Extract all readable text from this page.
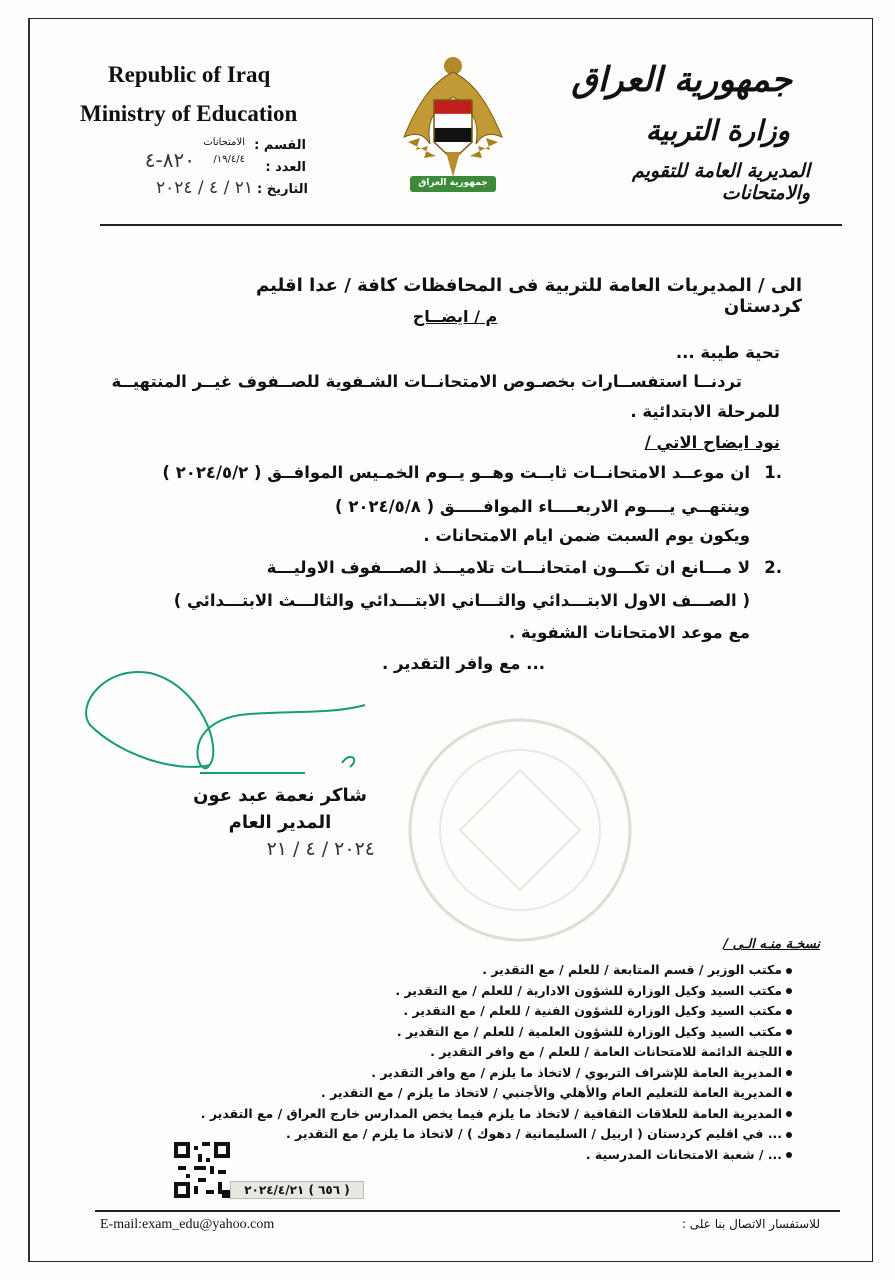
Republic of Iraq
Ministry of Education
القسم :
الامتحانات
العدد :
١٩/٤/٤/
٨٢٠-٤
التاريخ :
٢١ / ٤ / ٢٠٢٤	جمهورية العراق
جمهورية العراق
وزارة التربية
المديرية العامة للتقويم والامتحانات
الى / المديريات العامة للتربية فى المحافظات كافة / عدا اقليم كردستان
م / ايضــاح
تحية طيبة ...
تردنــا استفســارات بخصـوص الامتحانــات الشـفوية للصــفوف غيــر المنتهيــة
للمرحلة الابتدائية .
نود ايضاح الاتي /
.1
ان موعــد الامتحانــات ثابــت وهــو يــوم الخمـيس الموافــق ( ٢٠٢٤/٥/٢ )
وينتهــي يــــوم الاربعــــاء الموافـــــق ( ٢٠٢٤/٥/٨ )
ويكون يوم السبت ضمن ايام الامتحانات .
.2
لا مـــانع ان تكـــون امتحانـــات تلاميـــذ الصـــفوف الاوليـــة
( الصـــف الاول الابتـــدائي والثـــاني الابتـــدائي والثالـــث الابتـــدائي )
مع موعد الامتحانات الشفوية .
... مع وافر التقدير .
شاكر نعمة عبد عون
المدير العام
٢٠٢٤ / ٤ / ٢١
نسخـة منـه الـى /
مكتب الوزير / قسم المتابعة / للعلم / مع التقدير .
مكتب السيد وكيل الوزارة للشؤون الادارية / للعلم / مع التقدير .
مكتب السيد وكيل الوزارة للشؤون الفنية / للعلم / مع التقدير .
مكتب السيد وكيل الوزارة للشؤون العلمية / للعلم / مع التقدير .
اللجنة الدائمة للامتحانات العامة / للعلم / مع وافر التقدير .
المديرية العامة للإشراف التربوي / لاتخاذ ما يلزم / مع وافر التقدير .
المديرية العامة للتعليم العام والأهلي والأجنبي / لاتخاذ ما يلزم / مع التقدير .
المديرية العامة للعلاقات الثقافية / لاتخاذ ما يلزم فيما يخص المدارس خارج العراق / مع التقدير .
... في اقليم كردستان ( اربيل / السليمانية / دهوك ) / لاتخاذ ما يلزم / مع التقدير .
... / شعبة الامتحانات المدرسية .
( ٦٥٦ ) ٢٠٢٤/٤/٢١
E-mail:exam_edu@yahoo.com	للاستفسار الاتصال بنا على :
